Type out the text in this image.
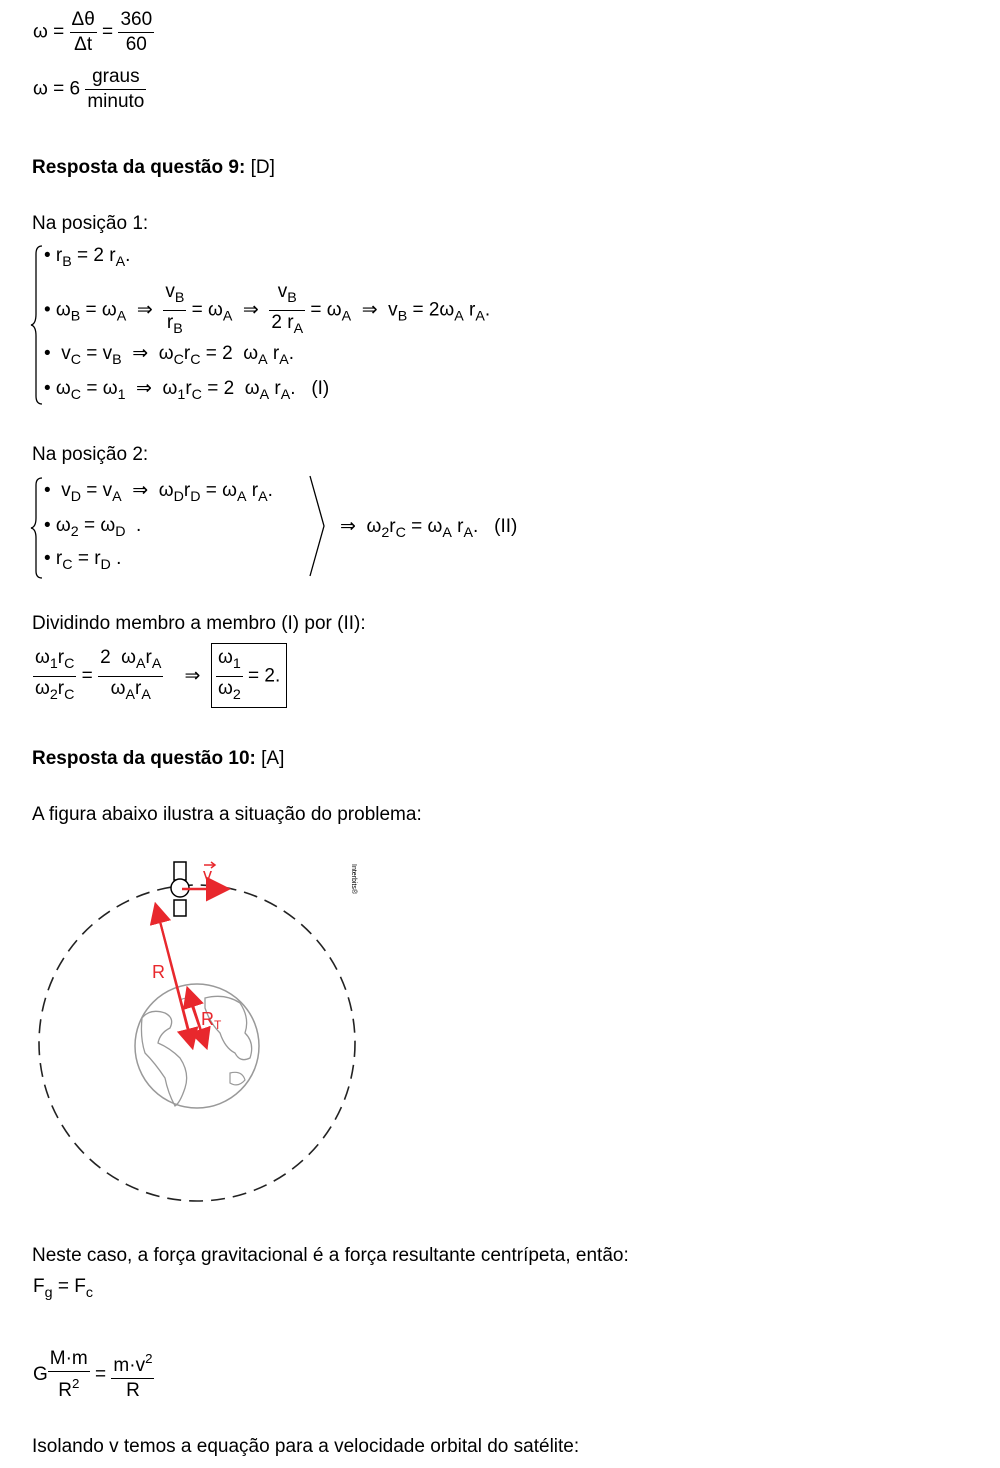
$\omega = \frac{\Delta\theta}{\Delta t} = \frac{360}{60}$
$\omega = 6 \frac{\text{graus}}{\text{minuto}}$
Resposta da questão 9: [D]
Na posição 1:
• $r_B = 2$ $r_A$.
• $\omega_B = \omega_A$  ⇒ $\frac{v_B}{r_B} = \omega_A$  ⇒ $\frac{v_B}{2 r_A} = \omega_A$  ⇒  $v_B = 2\omega_A$ $r_A$.
•  $v_C = v_B$  ⇒  $\omega_Cr_C = 2$  $\omega_A$ $r_A$.
• $\omega_C = \omega_1$  ⇒  $\omega_1r_C = 2$  $\omega_A$ $r_A$.   (I)
Na posição 2:
•  $v_D = v_A$  ⇒  $\omega_Dr_D = \omega_A$ $r_A$.
• $\omega_2 = \omega_D$  .
• $r_C = r_D$ .
⇒  $\omega_2r_C = \omega_A$ $r_A$.   (II)
Dividindo membro a membro (I) por (II):
$\frac{\omega_1r_C}{\omega_2r_C} = \frac{2 \omega_Ar_A}{\omega_Ar_A}$ ⇒ $\frac{\omega_1}{\omega_2} = 2$.
Resposta da questão 10: [A]
A figura abaixo ilustra a situação do problema:
R
$R_T$
v	Interbits®
Neste caso, a força gravitacional é a força resultante centrípeta, então:
$F_g = F_c$
G $\frac{M\cdot m}{R^2} = \frac{m\cdot v^2}{R}$
Isolando v temos a equação para a velocidade orbital do satélite:
